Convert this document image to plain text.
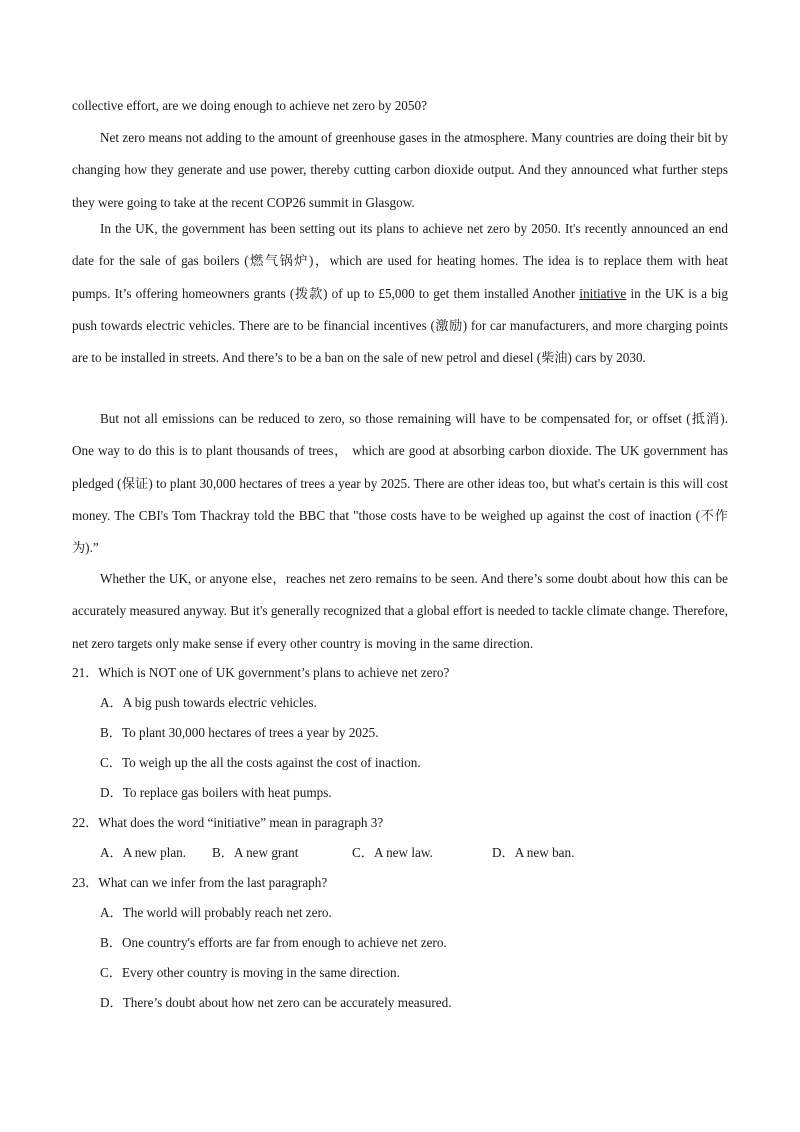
collective effort, are we doing enough to achieve net zero by 2050?

Net zero means not adding to the amount of greenhouse gases in the atmosphere. Many countries are doing their bit by changing how they generate and use power, thereby cutting carbon dioxide output. And they announced what further steps they were going to take at the recent COP26 summit in Glasgow.

In the UK, the government has been setting out its plans to achieve net zero by 2050. It's recently announced an end date for the sale of gas boilers (燃气锅炉)，which are used for heating homes. The idea is to replace them with heat pumps. It’s offering homeowners grants (拨款) of up to £5,000 to get them installed Another initiative in the UK is a big push towards electric vehicles. There are to be financial incentives (激励) for car manufacturers, and more charging points are to be installed in streets. And there’s to be a ban on the sale of new petrol and diesel (柴油) cars by 2030.

But not all emissions can be reduced to zero, so those remaining will have to be compensated for, or offset (抵消). One way to do this is to plant thousands of trees， which are good at absorbing carbon dioxide. The UK government has pledged (保证) to plant 30,000 hectares of trees a year by 2025. There are other ideas too, but what's certain is this will cost money. The CBI's Tom Thackray told the BBC that "those costs have to be weighed up against the cost of inaction (不作为).”

Whether the UK, or anyone else，reaches net zero remains to be seen. And there’s some doubt about how this can be accurately measured anyway. But it's generally recognized that a global effort is needed to tackle climate change. Therefore, net zero targets only make sense if every other country is moving in the same direction.

21．Which is NOT one of UK government’s plans to achieve net zero?
A．A big push towards electric vehicles.
B．To plant 30,000 hectares of trees a year by 2025.
C．To weigh up the all the costs against the cost of inaction.
D．To replace gas boilers with heat pumps.
22．What does the word “initiative” mean in paragraph 3?
A．A new plan. B．A new grant	C．A new law.	D．A new ban.
23．What can we infer from the last paragraph?
A．The world will probably reach net zero.
B．One country's efforts are far from enough to achieve net zero.
C．Every other country is moving in the same direction.
D．There’s doubt about how net zero can be accurately measured.
